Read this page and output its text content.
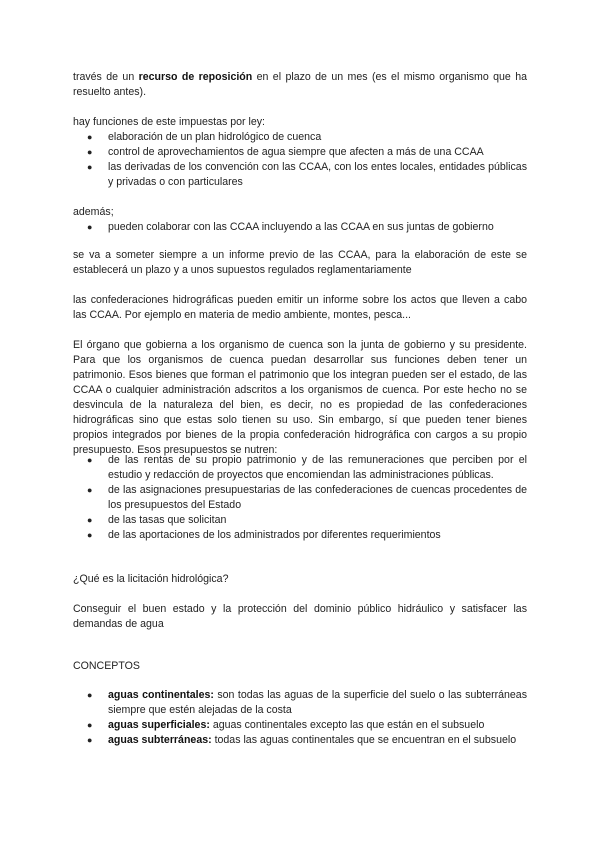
través de un recurso de reposición en el plazo de un mes (es el mismo organismo que ha resuelto antes).

hay funciones de este impuestas por ley:

● elaboración de un plan hidrológico de cuenca
● control de aprovechamientos de agua siempre que afecten a más de una CCAA
● las derivadas de los convención con las CCAA, con los entes locales, entidades públicas y privadas o con particulares

además;

● pueden colaborar con las CCAA incluyendo a las CCAA en sus juntas de gobierno

se va a someter siempre a un informe previo de las CCAA, para la elaboración de este se establecerá un plazo y a unos supuestos regulados reglamentariamente

las confederaciones hidrográficas pueden emitir un informe sobre los actos que lleven a cabo las CCAA. Por ejemplo en materia de medio ambiente, montes, pesca...

El órgano que gobierna a los organismo de cuenca son la junta de gobierno y su presidente. Para que los organismos de cuenca puedan desarrollar sus funciones deben tener un patrimonio. Esos bienes que forman el patrimonio que los integran pueden ser el estado, de las CCAA o cualquier administración adscritos a los organismos de cuenca. Por este hecho no se desvincula de la naturaleza del bien, es decir, no es propiedad de las confederaciones hidrográficas sino que estas solo tienen su uso. Sin embargo, sí que pueden tener bienes propios integrados por bienes de la propia confederación hidrográfica con cargos a su propio presupuesto. Esos presupuestos se nutren:

● de las rentas de su propio patrimonio y de las remuneraciones que perciben por el estudio y redacción de proyectos que encomiendan las administraciones públicas.
● de las asignaciones presupuestarias de las confederaciones de cuencas procedentes de los presupuestos del Estado
● de las tasas que solicitan
● de las aportaciones de los administrados por diferentes requerimientos

¿Qué es la licitación hidrológica?

Conseguir el buen estado y la protección del dominio público hidráulico y satisfacer las demandas de agua

CONCEPTOS

● aguas continentales: son todas las aguas de la superficie del suelo o las subterráneas siempre que estén alejadas de la costa
● aguas superficiales: aguas continentales excepto las que están en el subsuelo
● aguas subterráneas: todas las aguas continentales que se encuentran en el subsuelo
